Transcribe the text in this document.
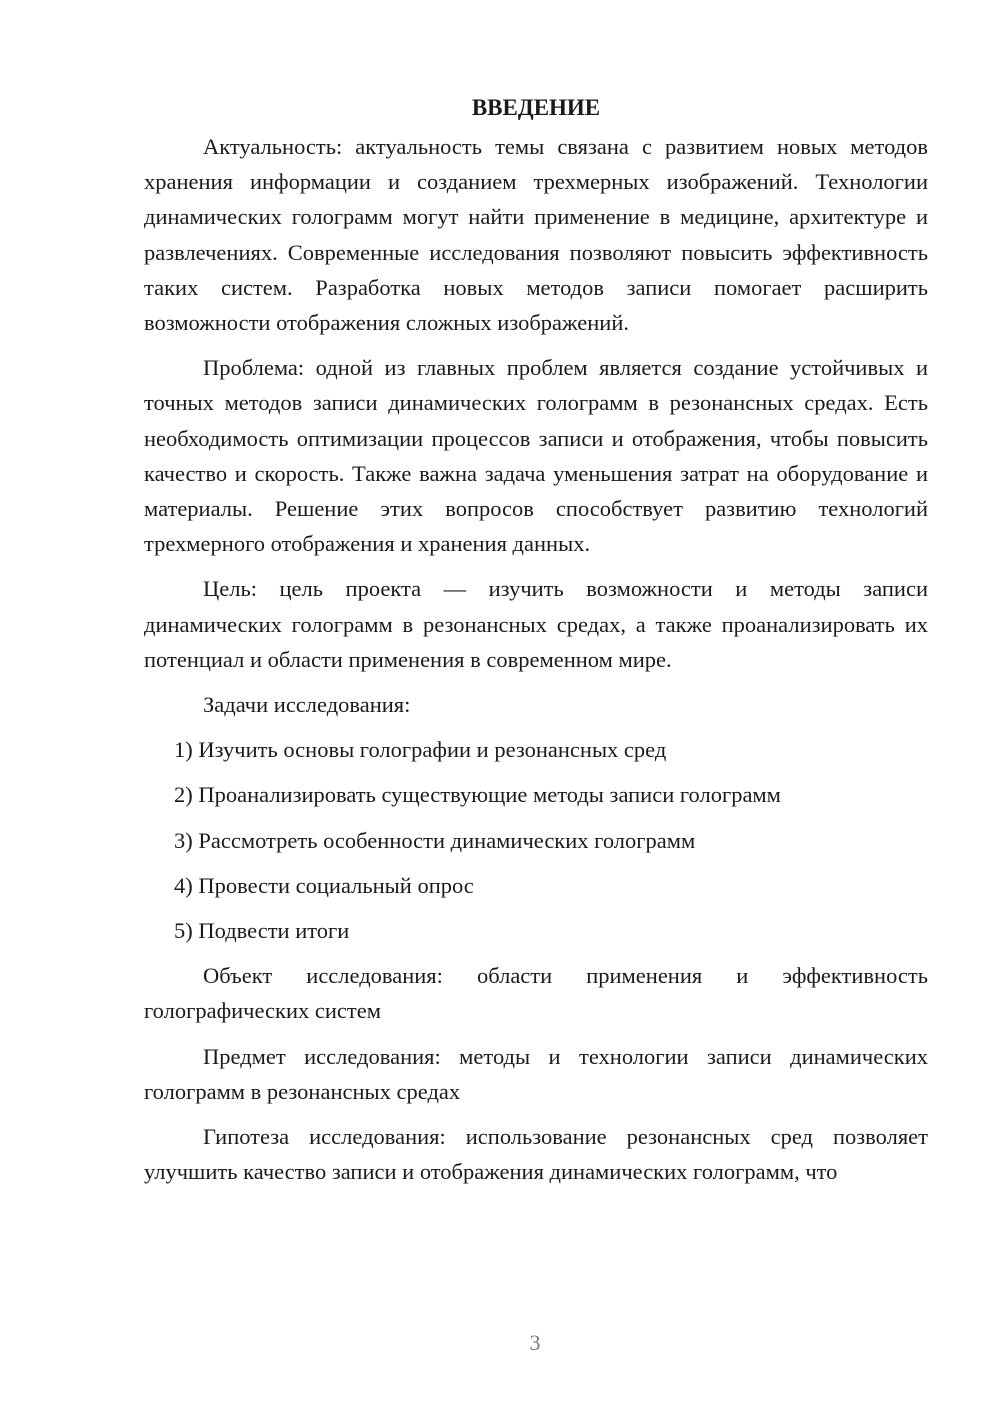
ВВЕДЕНИЕ

Актуальность: актуальность темы связана с развитием новых методов хранения информации и созданием трехмерных изображений. Технологии динамических голограмм могут найти применение в медицине, архитектуре и развлечениях. Современные исследования позволяют повысить эффективность таких систем. Разработка новых методов записи помогает расширить возможности отображения сложных изображений.

Проблема: одной из главных проблем является создание устойчивых и точных методов записи динамических голограмм в резонансных средах. Есть необходимость оптимизации процессов записи и отображения, чтобы повысить качество и скорость. Также важна задача уменьшения затрат на оборудование и материалы. Решение этих вопросов способствует развитию технологий трехмерного отображения и хранения данных.

Цель: цель проекта — изучить возможности и методы записи динамических голограмм в резонансных средах, а также проанализировать их потенциал и области применения в современном мире.

Задачи исследования:

1) Изучить основы голографии и резонансных сред
2) Проанализировать существующие методы записи голограмм
3) Рассмотреть особенности динамических голограмм
4) Провести социальный опрос
5) Подвести итоги

Объект исследования: области применения и эффективность голографических систем

Предмет исследования: методы и технологии записи динамических голограмм в резонансных средах

Гипотеза исследования: использование резонансных сред позволяет улучшить качество записи и отображения динамических голограмм, что

3
